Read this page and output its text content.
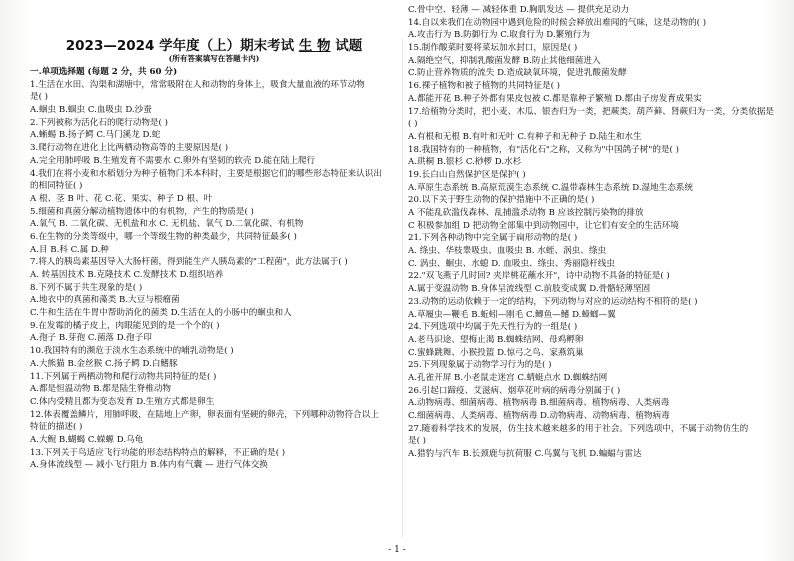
2023—2024 学年度（上）期末考试 生 物 试题
(所有答案填写在答题卡内)
一.单项选择题 (每题 2 分，共 60 分)
1.生活在水田、沟渠和湖塘中，常常吸附在人和动物的身体上，吸食大量血液的环节动物
是( )
A.蛔虫 B.蝈虫 C.血吸虫 D.沙蚕
2.下列被称为活化石的爬行动物是( )
A.蜥蜴 B.扬子鳄 C.马门溪龙 D.蛇
3.爬行动物在进化上比两栖动物高等的主要原因是( )
A.完全用肺呼吸 B.生殖发育不需要水 C.卵外有坚韧的软壳 D.能在陆上爬行
4.我们在将小麦和水稻划分为种子植物门禾本科时，主要是根据它们的哪些形态特征来认识出
的相同特征( )
A 根、茎 B 叶、花 C.花、果实、种子 D 根、叶
5.细菌和真菌分解动植物遗体中的有机物，产生的物质是( )
A.氧气 B. 二氧化碳、无机盐和水 C. 无机盐、氧气 D.二氧化碳、有机物
6.在生物的分类等级中，哪一个等级生物的种类最少，共同特征最多( )
A.目 B.科 C.属 D.种
7.将人的胰岛素基因导入大肠杆菌，得到能生产人胰岛素的"工程菌"，此方法属于( )
A. 转基因技术 B.克隆技术 C.发酵技术 D.组织培养
8.下列不属于共生现象的是( )
A.地衣中的真菌和藻类 B.大豆与根瘤菌
C.牛和生活在牛胃中帮助消化的菌类 D.生活在人的小肠中的蛔虫和人
9.在发霉的橘子皮上，肉眼能见到的是一个个的( )
A.孢子 B.芽孢 C.菌落 D.孢子印
10.我国特有的濒危于淡水生态系统中的哺乳动物是( )
A.大熊猫 B.金丝猴 C.扬子鳄 D.白鳍豚
11.下列属于两栖动物和爬行动物共同特征的是( )
A.都是恒温动物 B.都是陆生脊椎动物
C.体内受精且都为变态发育 D.生殖方式都是卵生
12.体表覆盖鳞片，用肺呼吸，在陆地上产卵，卵表面有坚硬的卵壳，下列哪种动物符合以上
特征的描述( )
A.大鲵 B.蝴蝎 C.蝾螈 D.乌龟
13.下列关于鸟适应飞行功能的形态结构特点的解释，不正确的是( )
A.身体流线型 — 减小飞行阻力 B.体内有气囊 — 进行气体交换
C.骨中空、轻薄 — 减轻体重 D.胸肌发达 — 提供充足动力
14.自以来我们在动物园中遇到危险的时候会释放出难闻的气味，这是动物的( )
A.攻击行为 B.防御行为 C.取食行为 D.繁殖行为
15.制作酸菜时要将菜坛加水封口，原因是( )
A.隔绝空气，抑制乳酸菌发酵 B.防止其他细菌进入
C.防止营养物质的流失 D.造成缺氧环境，促进乳酸菌发酵
16.裸子植物和被子植物的共同特征是( )
A.都能开花 B.种子外都有果皮包被 C.都是靠种子繁殖 D.都由子房发育成果实
17.给植物分类时，把小麦、木瓜、银杏归为一类，把蕨类、葫芦藓、肾蕨归为一类，分类依据是
( )
A.有根和无根 B.有叶和无叶 C.有种子和无种子 D.陆生和水生
18.我国特有的一种植物，有"活化石"之称，又称为"中国鸽子树"的是( )
A.珙桐 B.银杉 C.桫椤 D.水杉
19.长白山自然保护区是保护( )
A.草原生态系统 B.高原荒漠生态系统 C.温带森林生态系统 D.湿地生态系统
20.以下关于野生动物的保护措施中不正确的是( )
A 不能乱砍滥伐森林、乱捕滥杀动物 B 应该控制污染物的排放
C 积极参加组 D 把动物全部集中到动物园中，让它们有安全的生活环境
21.下列各种动物中完全属于扁形动物的是( )
A. 绦虫、华枝睾吸虫、血吸虫 B. 水蛭、涡虫、绦虫
C. 涡虫、蛔虫、水螅 D. 血吸虫、绦虫、秀丽隐杆线虫
22."双飞燕子几时回? 夹岸桃花蘸水开"，诗中动物不具备的特征是( )
A.属于变温动物 B.身体呈流线型 C.前肢变成翼 D.骨骼轻薄坚固
23.动物的运动依赖于一定的结构，下列动物与对应的运动结构不相符的是( )
A.草履虫—鞭毛 B.蚯蚓—刚毛 C.鲫鱼—鳍 D.蟑螂—翼
24.下列选项中均属于先天性行为的一组是( )
A.老马识途、望梅止渴 B.蜘蛛结网、母鸡孵卵
C.蜜蜂跳舞、小猴投篮 D.惊弓之鸟、家燕筑巢
25.下列现象属于动物学习行为的是( )
A.孔雀开屏 B.小老鼠走迷宫 C.蜻蜓点水 D.蜘蛛结网
26.引起口蹄疫、艾滋病、烟草花叶病的病毒分别属于( )
A.动物病毒、细菌病毒、植物病毒 B.细菌病毒、植物病毒、人类病毒
C.细菌病毒、人类病毒、植物病毒 D.动物病毒、动物病毒、植物病毒
27.随着科学技术的发展，仿生技术越来越多的用于社会。下列选项中，不属于动物仿生的
是( )
A.猎豹与汽车 B.长颈鹿与抗荷服 C.鸟翼与飞机 D.蝙蝠与雷达
- 1 -
